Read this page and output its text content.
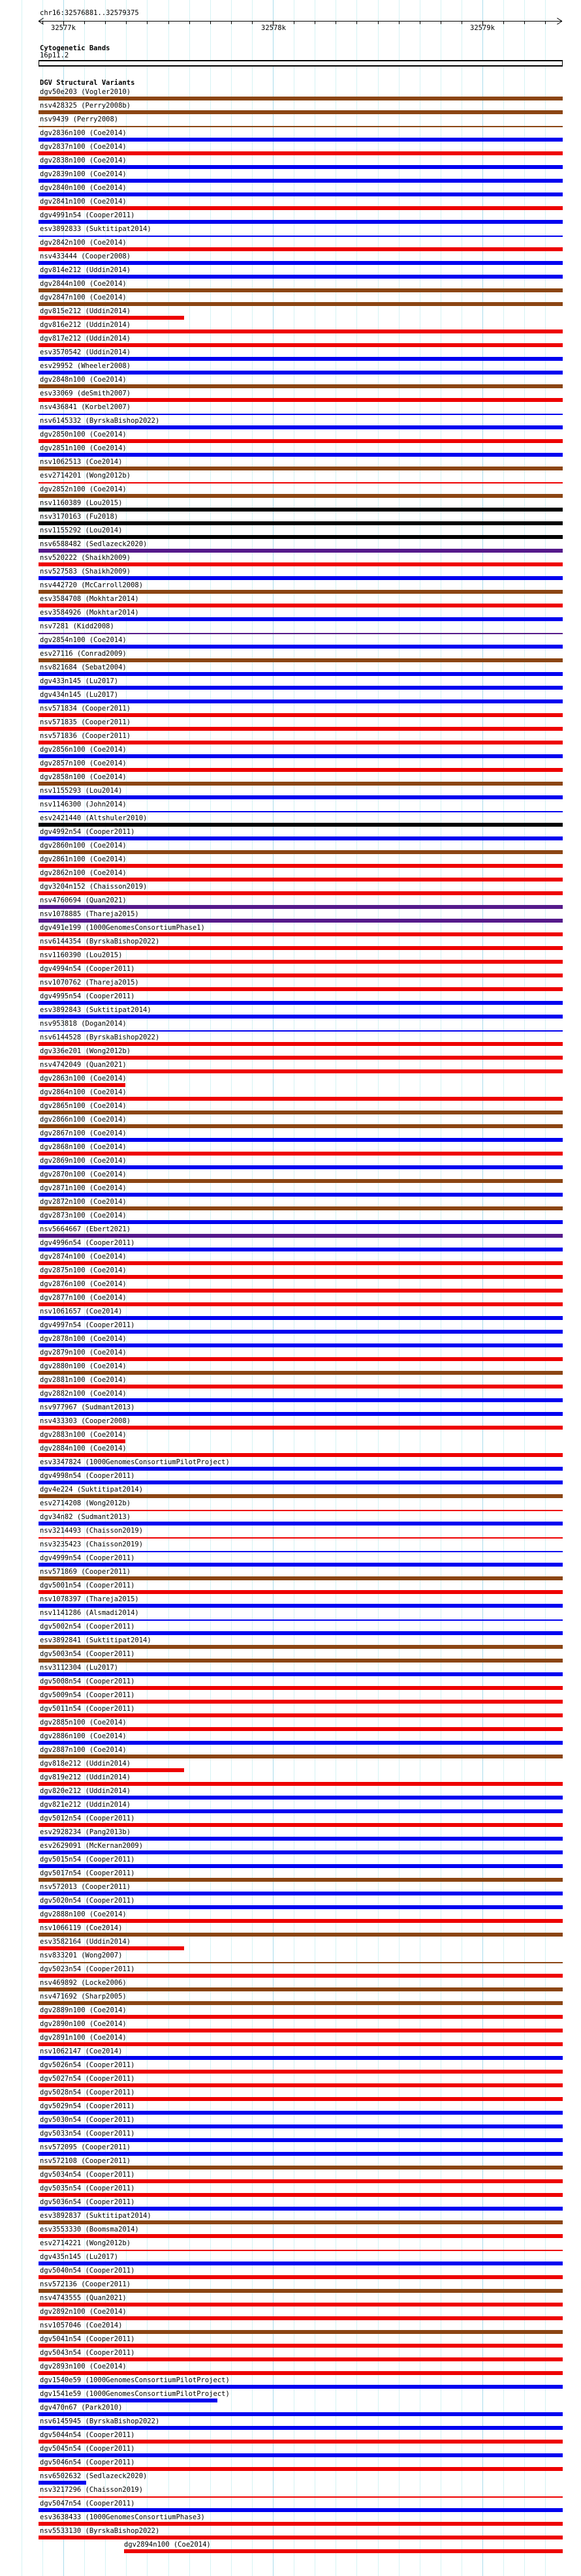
chr16:32576881..32579375
32577k	32578k	32579k
Cytogenetic Bands
16p11.2
DGV Structural Variants
dgv50e203 (Vogler2010)
nsv428325 (Perry2008b)
nsv9439 (Perry2008)
dgv2836n100 (Coe2014)
dgv2837n100 (Coe2014)
dgv2838n100 (Coe2014)
dgv2839n100 (Coe2014)
dgv2840n100 (Coe2014)
dgv2841n100 (Coe2014)
dgv4991n54 (Cooper2011)
esv3892833 (Suktitipat2014)
dgv2842n100 (Coe2014)
nsv433444 (Cooper2008)
dgv814e212 (Uddin2014)
dgv2844n100 (Coe2014)
dgv2847n100 (Coe2014)
dgv815e212 (Uddin2014)
dgv816e212 (Uddin2014)
dgv817e212 (Uddin2014)
esv3570542 (Uddin2014)
esv29952 (Wheeler2008)
dgv2848n100 (Coe2014)
esv33069 (deSmith2007)
nsv436841 (Korbel2007)
nsv6145332 (ByrskaBishop2022)
dgv2850n100 (Coe2014)
dgv2851n100 (Coe2014)
nsv1062513 (Coe2014)
esv2714201 (Wong2012b)
dgv2852n100 (Coe2014)
nsv1160389 (Lou2015)
nsv3170163 (Fu2018)
nsv1155292 (Lou2014)
nsv6588482 (Sedlazeck2020)
nsv520222 (Shaikh2009)
nsv527583 (Shaikh2009)
nsv442720 (McCarroll2008)
esv3584708 (Mokhtar2014)
esv3584926 (Mokhtar2014)
nsv7281 (Kidd2008)
dgv2854n100 (Coe2014)
esv27116 (Conrad2009)
nsv821684 (Sebat2004)
dgv433n145 (Lu2017)
dgv434n145 (Lu2017)
nsv571834 (Cooper2011)
nsv571835 (Cooper2011)
nsv571836 (Cooper2011)
dgv2856n100 (Coe2014)
dgv2857n100 (Coe2014)
dgv2858n100 (Coe2014)
nsv1155293 (Lou2014)
nsv1146300 (John2014)
esv2421440 (Altshuler2010)
dgv4992n54 (Cooper2011)
dgv2860n100 (Coe2014)
dgv2861n100 (Coe2014)
dgv2862n100 (Coe2014)
dgv3204n152 (Chaisson2019)
nsv4760694 (Quan2021)
nsv1078885 (Thareja2015)
dgv491e199 (1000GenomesConsortiumPhase1)
nsv6144354 (ByrskaBishop2022)
nsv1160390 (Lou2015)
dgv4994n54 (Cooper2011)
nsv1070762 (Thareja2015)
dgv4995n54 (Cooper2011)
esv3892843 (Suktitipat2014)
nsv953818 (Dogan2014)
nsv6144528 (ByrskaBishop2022)
dgv336e201 (Wong2012b)
nsv4742049 (Quan2021)
dgv2863n100 (Coe2014)
dgv2864n100 (Coe2014)
dgv2865n100 (Coe2014)
dgv2866n100 (Coe2014)
dgv2867n100 (Coe2014)
dgv2868n100 (Coe2014)
dgv2869n100 (Coe2014)
dgv2870n100 (Coe2014)
dgv2871n100 (Coe2014)
dgv2872n100 (Coe2014)
dgv2873n100 (Coe2014)
nsv5664667 (Ebert2021)
dgv4996n54 (Cooper2011)
dgv2874n100 (Coe2014)
dgv2875n100 (Coe2014)
dgv2876n100 (Coe2014)
dgv2877n100 (Coe2014)
nsv1061657 (Coe2014)
dgv4997n54 (Cooper2011)
dgv2878n100 (Coe2014)
dgv2879n100 (Coe2014)
dgv2880n100 (Coe2014)
dgv2881n100 (Coe2014)
dgv2882n100 (Coe2014)
nsv977967 (Sudmant2013)
nsv433303 (Cooper2008)
dgv2883n100 (Coe2014)
dgv2884n100 (Coe2014)
esv3347824 (1000GenomesConsortiumPilotProject)
dgv4998n54 (Cooper2011)
dgv4e224 (Suktitipat2014)
esv2714208 (Wong2012b)
dgv34n82 (Sudmant2013)
nsv3214493 (Chaisson2019)
nsv3235423 (Chaisson2019)
dgv4999n54 (Cooper2011)
nsv571869 (Cooper2011)
dgv5001n54 (Cooper2011)
nsv1078397 (Thareja2015)
nsv1141286 (Alsmadi2014)
dgv5002n54 (Cooper2011)
esv3892841 (Suktitipat2014)
dgv5003n54 (Cooper2011)
nsv3112304 (Lu2017)
dgv5008n54 (Cooper2011)
dgv5009n54 (Cooper2011)
dgv5011n54 (Cooper2011)
dgv2885n100 (Coe2014)
dgv2886n100 (Coe2014)
dgv2887n100 (Coe2014)
dgv818e212 (Uddin2014)
dgv819e212 (Uddin2014)
dgv820e212 (Uddin2014)
dgv821e212 (Uddin2014)
dgv5012n54 (Cooper2011)
esv2928234 (Pang2013b)
esv2629091 (McKernan2009)
dgv5015n54 (Cooper2011)
dgv5017n54 (Cooper2011)
nsv572013 (Cooper2011)
dgv5020n54 (Cooper2011)
dgv2888n100 (Coe2014)
nsv1066119 (Coe2014)
esv3582164 (Uddin2014)
nsv833201 (Wong2007)
dgv5023n54 (Cooper2011)
nsv469892 (Locke2006)
nsv471692 (Sharp2005)
dgv2889n100 (Coe2014)
dgv2890n100 (Coe2014)
dgv2891n100 (Coe2014)
nsv1062147 (Coe2014)
dgv5026n54 (Cooper2011)
dgv5027n54 (Cooper2011)
dgv5028n54 (Cooper2011)
dgv5029n54 (Cooper2011)
dgv5030n54 (Cooper2011)
dgv5033n54 (Cooper2011)
nsv572095 (Cooper2011)
nsv572108 (Cooper2011)
dgv5034n54 (Cooper2011)
dgv5035n54 (Cooper2011)
dgv5036n54 (Cooper2011)
esv3892837 (Suktitipat2014)
esv3553330 (Boomsma2014)
esv2714221 (Wong2012b)
dgv435n145 (Lu2017)
dgv5040n54 (Cooper2011)
nsv572136 (Cooper2011)
nsv4743555 (Quan2021)
dgv2892n100 (Coe2014)
nsv1057046 (Coe2014)
dgv5041n54 (Cooper2011)
dgv5043n54 (Cooper2011)
dgv2893n100 (Coe2014)
dgv1540e59 (1000GenomesConsortiumPilotProject)
dgv1541e59 (1000GenomesConsortiumPilotProject)
dgv470n67 (Park2010)
nsv6145945 (ByrskaBishop2022)
dgv5044n54 (Cooper2011)
dgv5045n54 (Cooper2011)
dgv5046n54 (Cooper2011)
nsv6502632 (Sedlazeck2020)
nsv3217296 (Chaisson2019)
dgv5047n54 (Cooper2011)
esv3638433 (1000GenomesConsortiumPhase3)
nsv5533130 (ByrskaBishop2022)
dgv2894n100 (Coe2014)
